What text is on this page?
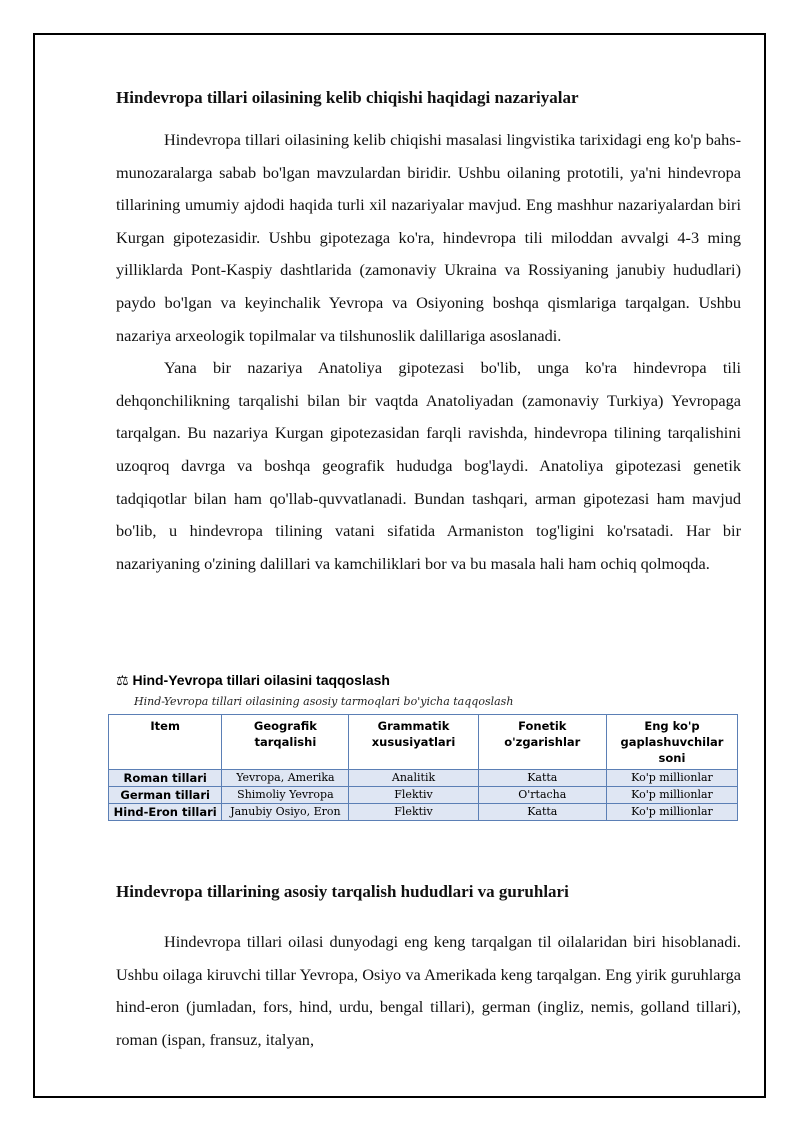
Hindevropa tillari oilasining kelib chiqishi haqidagi nazariyalar

Hindevropa tillari oilasining kelib chiqishi masalasi lingvistika tarixidagi eng ko'p bahs-munozaralarga sabab bo'lgan mavzulardan biridir. Ushbu oilaning prototili, ya'ni hindevropa tillarining umumiy ajdodi haqida turli xil nazariyalar mavjud. Eng mashhur nazariyalardan biri Kurgan gipotezasidir. Ushbu gipotezaga ko'ra, hindevropa tili miloddan avvalgi 4-3 ming yilliklarda Pont-Kaspiy dashtlarida (zamonaviy Ukraina va Rossiyaning janubiy hududlari) paydo bo'lgan va keyinchalik Yevropa va Osiyoning boshqa qismlariga tarqalgan. Ushbu nazariya arxeologik topilmalar va tilshunoslik dalillariga asoslanadi.

Yana bir nazariya Anatoliya gipotezasi bo'lib, unga ko'ra hindevropa tili dehqonchilikning tarqalishi bilan bir vaqtda Anatoliyadan (zamonaviy Turkiya) Yevropaga tarqalgan. Bu nazariya Kurgan gipotezasidan farqli ravishda, hindevropa tilining tarqalishini uzoqroq davrga va boshqa geografik hududga bog'laydi. Anatoliya gipotezasi genetik tadqiqotlar bilan ham qo'llab-quvvatlanadi. Bundan tashqari, arman gipotezasi ham mavjud bo'lib, u hindevropa tilining vatani sifatida Armaniston tog'ligini ko'rsatadi. Har bir nazariyaning o'zining dalillari va kamchiliklari bor va bu masala hali ham ochiq qolmoqda.

⚖ Hind-Yevropa tillari oilasini taqqoslash
Hind-Yevropa tillari oilasining asosiy tarmoqlari bo'yicha taqqoslash
Item	Geografik tarqalishi	Grammatik xususiyatlari	Fonetik o'zgarishlar	Eng ko'p gaplashuvchilar soni
Roman tillari	Yevropa, Amerika	Analitik	Katta	Ko'p millionlar
German tillari	Shimoliy Yevropa	Flektiv	O'rtacha	Ko'p millionlar
Hind-Eron tillari	Janubiy Osiyo, Eron	Flektiv	Katta	Ko'p millionlar
Hindevropa tillarining asosiy tarqalish hududlari va guruhlari

Hindevropa tillari oilasi dunyodagi eng keng tarqalgan til oilalaridan biri hisoblanadi. Ushbu oilaga kiruvchi tillar Yevropa, Osiyo va Amerikada keng tarqalgan. Eng yirik guruhlarga hind-eron (jumladan, fors, hind, urdu, bengal tillari), german (ingliz, nemis, golland tillari), roman (ispan, fransuz, italyan,
